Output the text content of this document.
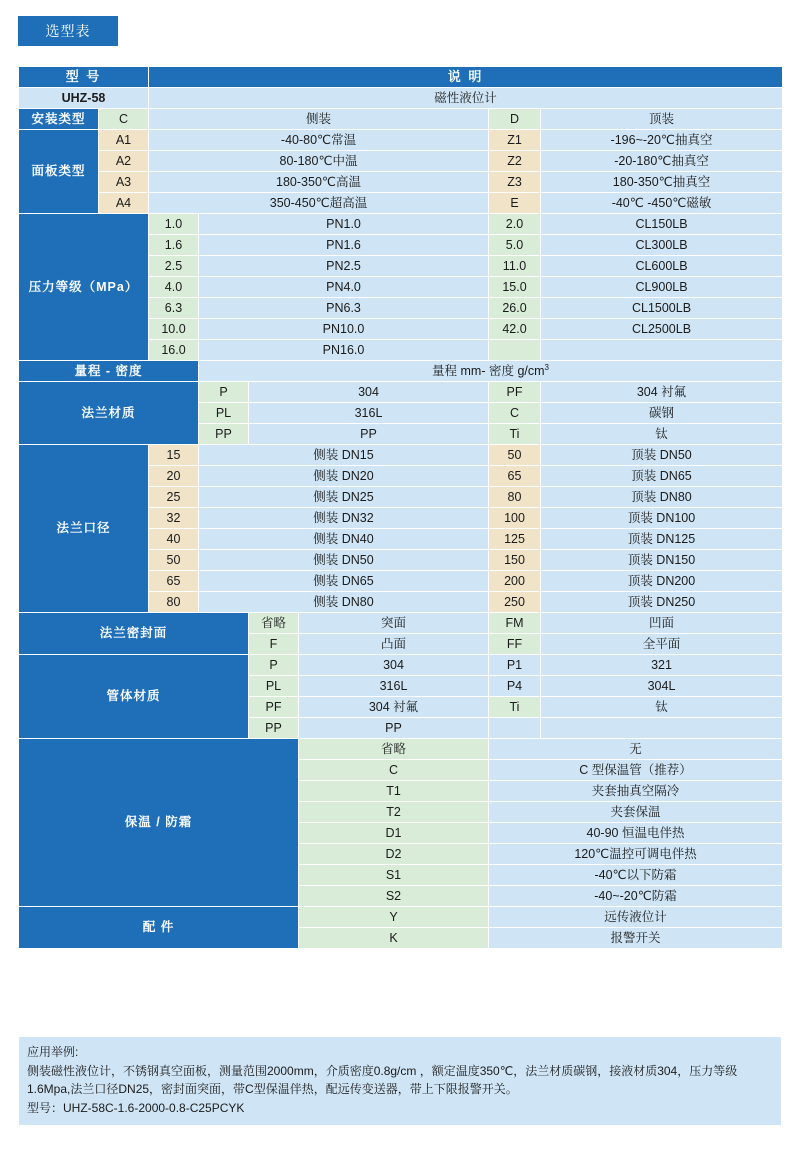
选型表
型 号		说 明					
UHZ-58		磁性液位计					
安装类型	C	侧装				D	顶装
面板类型	A1	-40-80℃常温				Z1	-196~-20℃抽真空
	A2	80-180℃中温				Z2	-20-180℃抽真空
	A3	180-350℃高温				Z3	180-350℃抽真空
	A4	350-450℃超高温				E	-40℃ -450℃磁敏
压力等级（MPa）		1.0	PN1.0			2.0	CL150LB
		1.6	PN1.6			5.0	CL300LB
		2.5	PN2.5			11.0	CL600LB
		4.0	PN4.0			15.0	CL900LB
		6.3	PN6.3			26.0	CL1500LB
		10.0	PN10.0			42.0	CL2500LB
		16.0	PN16.0				
量程 - 密度			量程 mm- 密度 $g/cm^3$
法兰材质			P	304		PF	304 衬氟
			PL	316L		C	碳钢
			PP	PP		Ti	钛
法兰口径		15	侧装 DN15			50	顶装 DN50
		20	侧装 DN20			65	顶装 DN65
		25	侧装 DN25			80	顶装 DN80
		32	侧装 DN32			100	顶装 DN100
		40	侧装 DN40			125	顶装 DN125
		50	侧装 DN50			150	顶装 DN150
		65	侧装 DN65			200	顶装 DN200
		80	侧装 DN80			250	顶装 DN250
法兰密封面				省略	突面	FM	凹面
				F	凸面	FF	全平面
管体材质				P	304	P1	321
				PL	316L	P4	304L
				PF	304 衬氟	Ti	钛
				PP	PP		
保温 / 防霜					省略	无	
					C	C 型保温管（推荐）	
					T1	夹套抽真空隔冷	
					T2	夹套保温	
					D1	40-90 恒温电伴热	
					D2	120℃温控可调电伴热	
					S1	-40℃以下防霜	
					S2	-40~-20℃防霜	
配 件					Y	远传液位计	
					K	报警开关	
应用举例:
侧装磁性液位计，不锈钢真空面板，测量范围2000mm，介质密度0.8g/cm ，额定温度350℃，法兰材质碳钢，接液材质304，压力等级1.6Mpa,法兰口径DN25，密封面突面，带C型保温伴热，配远传变送器，带上下限报警开关。
型号：UHZ-58C-1.6-2000-0.8-C25PCYK
